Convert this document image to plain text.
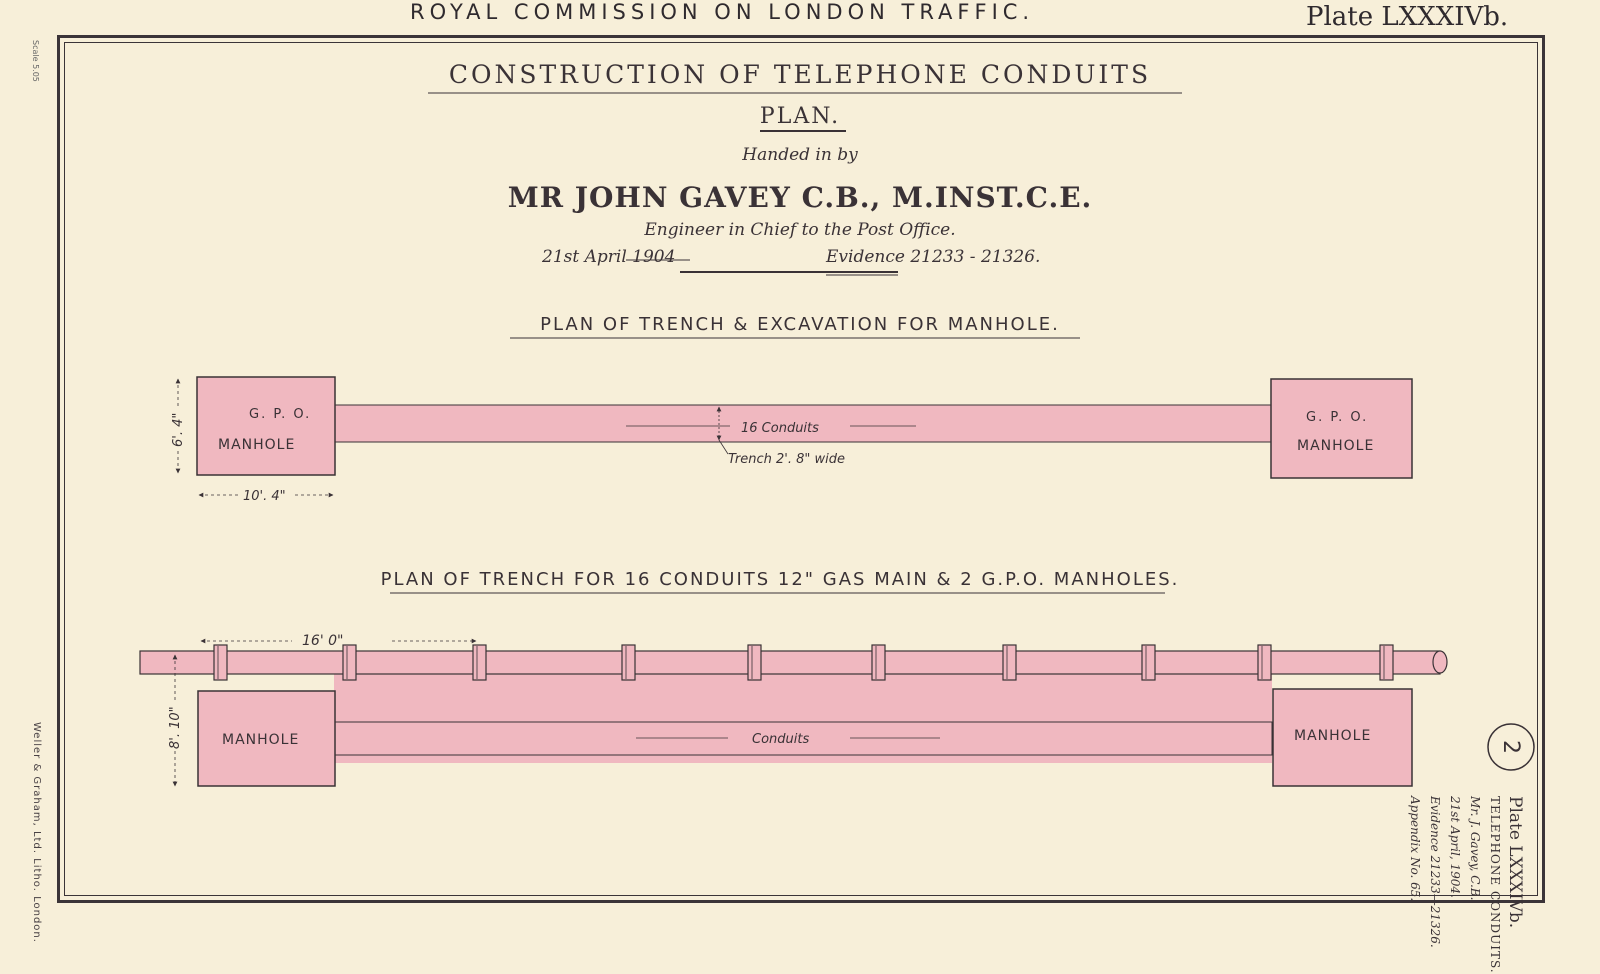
ROYAL COMMISSION ON LONDON TRAFFIC.	Plate LXXXIVb.
Scale 5.05
Weller & Graham, Ltd. Litho. London.
CONSTRUCTION OF TELEPHONE CONDUITS
PLAN.
Handed in by
MR JOHN GAVEY C.B., M.INST.C.E.
Engineer in Chief to the Post Office.
21st April 1904	Evidence 21233 - 21326.
PLAN OF TRENCH & EXCAVATION FOR MANHOLE.
PLAN OF TRENCH FOR 16 CONDUITS 12" GAS MAIN & 2 G.P.O. MANHOLES.
G. P. O.
MANHOLE
G. P. O.
MANHOLE
16 Conduits
Trench 2'. 8" wide
6'. 4"
10'. 4"
Conduits
MANHOLE	MANHOLE
16' 0"
8'. 10"	2
Plate LXXXIVb.
TELEPHONE CONDUITS.
Mr. J. Gavey, C.B.
21st April, 1904.
Evidence 21233—21326.
Appendix No. 65.
